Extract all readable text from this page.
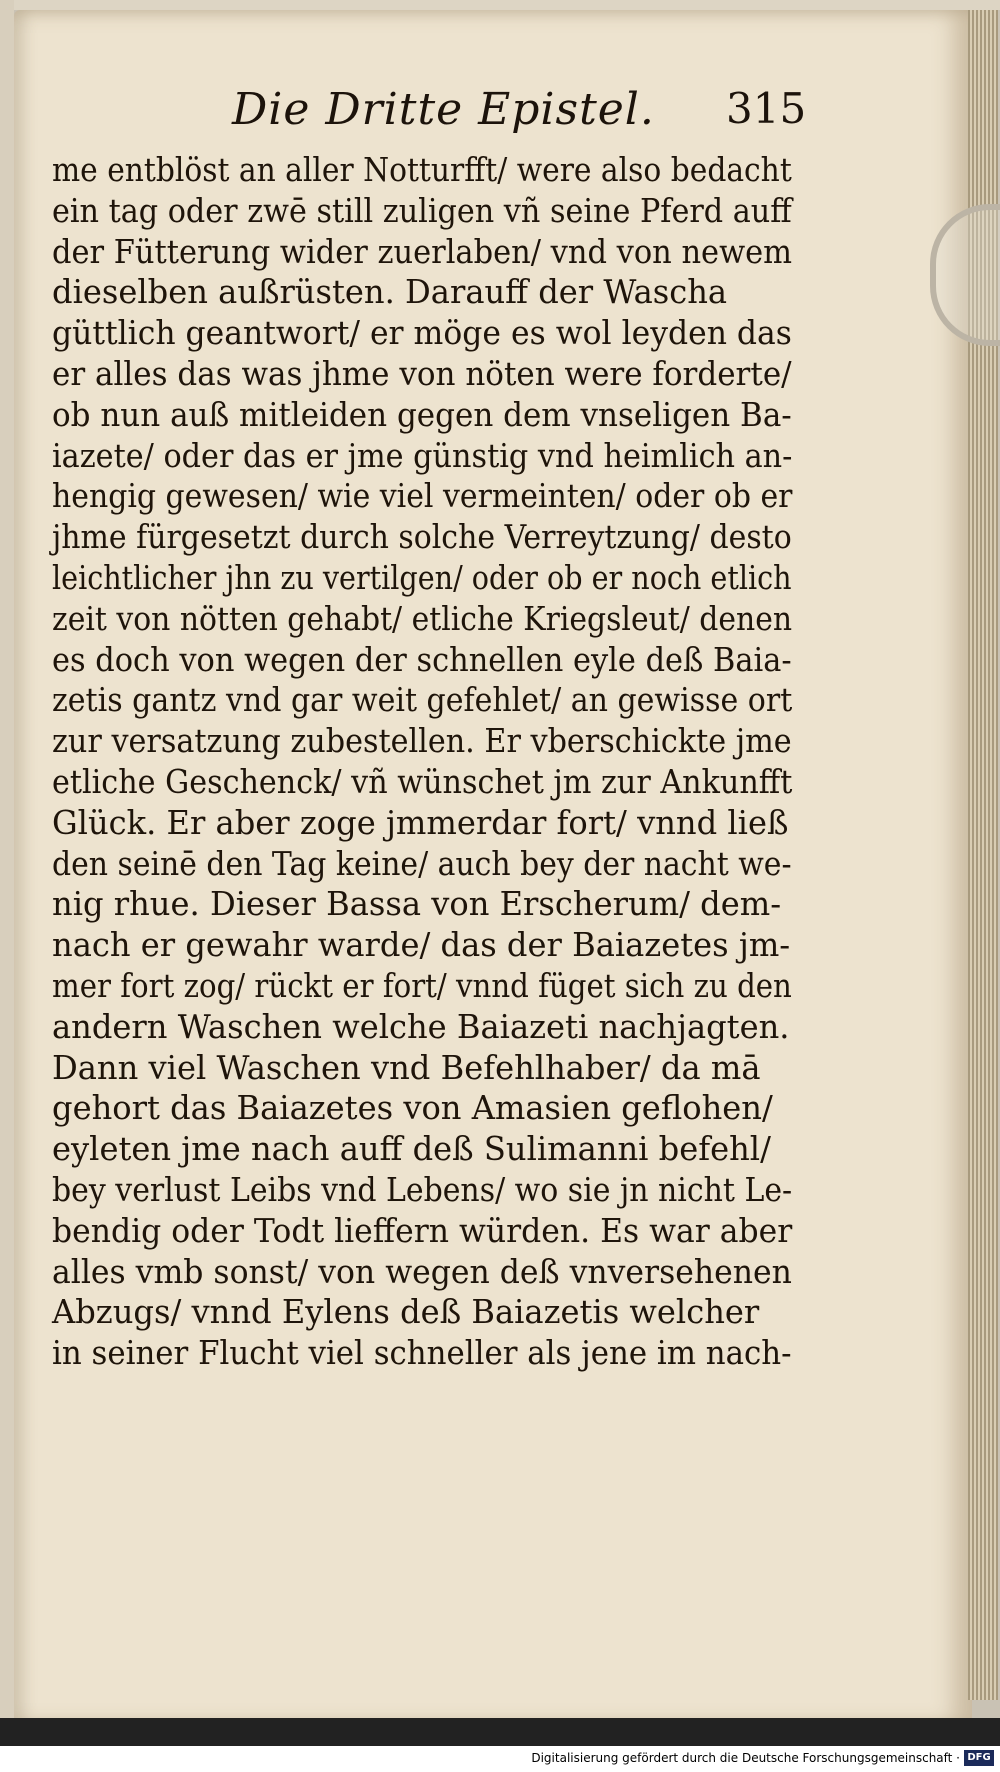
Die Dritte Epistel. 315
me entblöst an aller Notturfft/ were also bedacht
ein tag oder zwē still zuligen vñ seine Pferd auff
der Fütterung wider zuerlaben/ vnd von newem
dieselben außrüsten. Darauff der Wascha
güttlich geantwort/ er möge es wol leyden das
er alles das was jhme von nöten were forderte/
ob nun auß mitleiden gegen dem vnseligen Ba-
iazete/ oder das er jme günstig vnd heimlich an-
hengig gewesen/ wie viel vermeinten/ oder ob er
jhme fürgesetzt durch solche Verreytzung/ desto
leichtlicher jhn zu vertilgen/ oder ob er noch etlich
zeit von nötten gehabt/ etliche Kriegsleut/ denen
es doch von wegen der schnellen eyle deß Baia-
zetis gantz vnd gar weit gefehlet/ an gewisse ort
zur versatzung zubestellen. Er vberschickte jme
etliche Geschenck/ vñ wünschet jm zur Ankunfft
Glück. Er aber zoge jmmerdar fort/ vnnd ließ
den seinē den Tag keine/ auch bey der nacht we-
nig rhue. Dieser Bassa von Erscherum/ dem-
nach er gewahr warde/ das der Baiazetes jm-
mer fort zog/ rückt er fort/ vnnd füget sich zu den
andern Waschen welche Baiazeti nachjagten.
Dann viel Waschen vnd Befehlhaber/ da mā
gehort das Baiazetes von Amasien geflohen/
eyleten jme nach auff deß Sulimanni befehl/
bey verlust Leibs vnd Lebens/ wo sie jn nicht Le-
bendig oder Todt lieffern würden. Es war aber
alles vmb sonst/ von wegen deß vnversehenen
Abzugs/ vnnd Eylens deß Baiazetis welcher
in seiner Flucht viel schneller als jene im nach-
Digitalisierung gefördert durch die Deutsche Forschungsgemeinschaft · DFG
